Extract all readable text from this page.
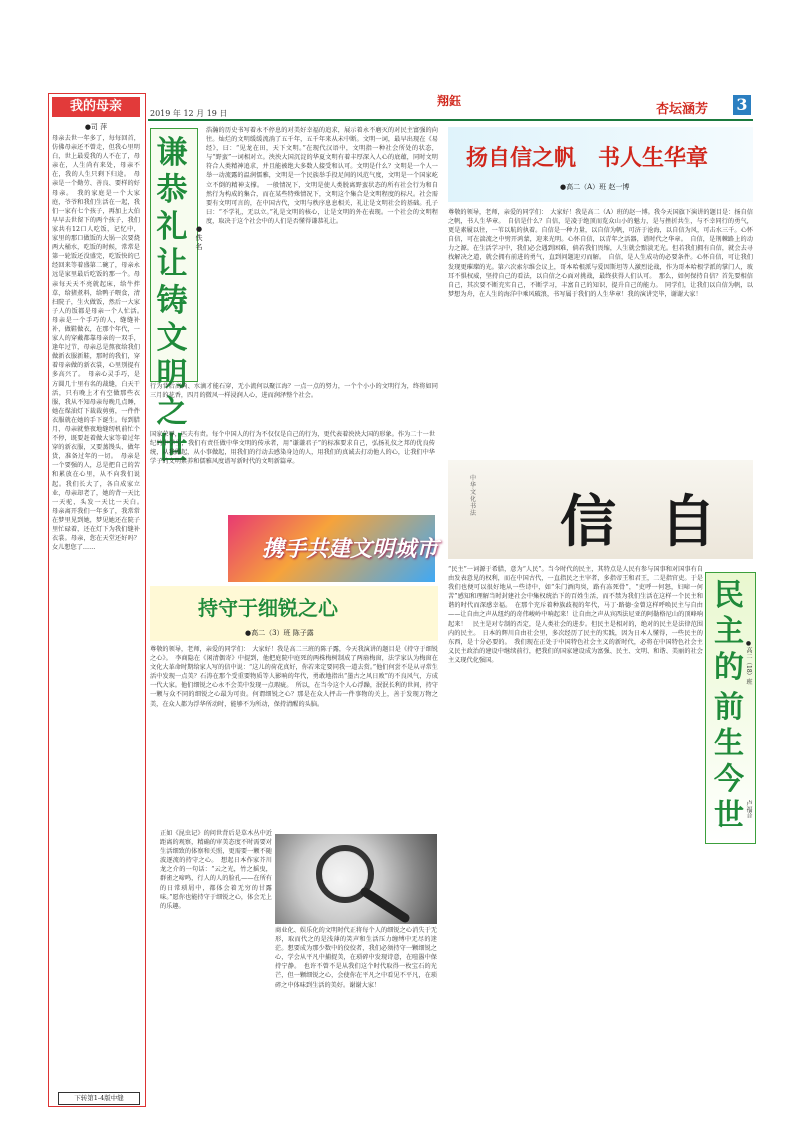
2019 年 12 月 19 日
翔鈺
杏坛涵芳 3
我的母亲
●司 萍
母亲去世一年多了，每每回首，仿佛母亲还不曾走，但我心里明白，世上最爱我的人不在了，母亲在，人生尚有来处，母亲不在，我的人生只剩下归途。　母亲是一个勤劳、善良、要样的好母亲。　我的家庭是一个大家庭，爷爷和我们生活在一起，我们一家有七个孩子，再加上大伯早早去世留下的两个孩子，我们家共有12口人吃饭，记忆中，家里的那口做饭的大锅一次要烧两大桶水，吃饭的时候，常常是第一轮饭还没盛完，吃饭快的已经回来等着盛第二碗了，母亲永远是家里最后吃饭的那一个。母亲每天天不亮就起床，给牛拌草，给猪煮料，给鸭子喂食，清扫院子，生火做饭，然后一大家子人的饭都是母亲一个人忙活。　母亲是一个手巧的人，缝缝补补，做鞋做衣，在那个年代，一家人的穿戴都靠母亲的一双手，逢年过节，母亲总是熬夜给我们做新衣服新鞋，那时的我们，穿着母亲做的新衣裳，心里别提有多高兴了。　母亲心灵手巧，是方圆几十里有名的裁缝，白天干活，只有晚上才有空做那些衣服，我从不知母亲每晚几点睡，她在煤油灯下裁裁剪剪，一件件衣服就在她的手下诞生。每到腊月，母亲就整夜地缝纫机前忙个不停，既要赶着做大家等着过年穿的新衣服，又要蒸馒头、做年货，准备过年的一切。　母亲是一个要强的人，总是把自己的苦和累放在心里，从不向我们说起。我们长大了，各自成家立业，母亲却老了，她的背一天比一天驼，头发一天比一天白。　母亲离开我们一年多了，我常常在梦里见到她，梦见她还在院子里忙碌着，还在灯下为我们缝补衣裳。母亲，您在天堂还好吗？女儿想您了……
下转第1-4版中缝
谦恭礼让铸文明之世
●佚名
浩瀚的历史书写着永不停息的对美好幸福的追求，展示着永不磨灭的对民主富强的向往。灿烂的文明缓缓流淌了五千年，五千年来从未中断。文明一词，最早出现在《易经》，曰：“见龙在田，天下文明。”在现代汉语中，文明指一种社会所处的状态，与“野蛮”一词相对立。泱泱大国沉淀的华夏文明有着丰厚深入人心的底蕴，同时文明符合人类精神追求，并且能被绝大多数人接受和认可。文明是什么？文明是一个人一举一动流露的温润儒雅，文明是一个民族举手投足间的风范气度，文明是一个国家屹立不倒的精神支撑。　一般情况下，文明是使人类脱离野蛮状态的所有社会行为和自然行为构成的集合，而在某些特殊情况下，文明这个集合是文明程度的标尺。社会需要有文明可言的，在中国古代，文明与秩序息息相关，礼让是文明社会的基础。孔子曰：“不学礼，无以立。”礼是文明的核心，让是文明的外在表现。一个社会的文明程度，取决于这个社会中的人们是否懂得谦恭礼让。
行为背后高尚、水滴才能石穿，无小流何以聚江海？一点一点的努力，一个个小小的文明行为，终将如同三月的花香，四月的微风一样浸润人心，进而润泽整个社会。
国家荣辱，匹夫有责。每个中国人的行为不仅仅是自己的行为，更代表着泱泱大国的形象。作为二十一世纪的中学生，我们有责任做中华文明的传承者，用“谦谦君子”的标准要求自己，弘扬礼仪之邦的优良传统，从我做起，从小事做起，用我们的行动去感染身边的人，用我们的真诚去打动他人的心，让我们中华学子的文明素养和儒雅风度谱写新时代的文明新篇章。
携手共建文明城市
持守于细锐之心
●高二（3）班 陈子露
尊敬的领导，老师，亲爱的同学们：　大家好！我是高二三班的陈子露，今天我演讲的题目是《持守于细锐之心》。　李商隐在《闲清偶寄》中提到，他把庭院中庭死的两株梅树制成了两扇梅窗，法学家认为梅窗在文化大革命时期给家人写的信中说：“这儿的荷花真好，你若来定要同我一道去赏。”他们何尝不是从寻常生活中发现一点美？石涛在那个受重要物质等人影响的年代，勇敢地指出“墨古之风日败”的不良风气，方成一代大家。他们细锐之心永不会美中发现一点瑕疵。　所以，在当今这个人心浮躁，泯泯长利的世间，持守一颗与众不同的细锐之心最为可贵。何谓细锐之心？那是在众人抨击一件事物的关上，善于发现万物之美，在众人都为浮华所动时，能够不为所动，保持清醒的头脑。
正如《昆虫记》的问世背后是草木丛中近距离的观察，精确的审美态度不时需要对生活细致的体察和关照，更需要一颗不随波逐流的持守之心。　想起日本作家芥川龙之介的一句话：“云之光，竹之摇曳，群雀之啼鸣，行人的人的脸孔——在所有的日常琐屑中，都体会着无穷的甘露味。”愿你也能持守于细锐之心，体会无上的乐趣。
商业化、娱乐化的文明时代正将每个人的细锐之心消失于无形，取而代之的是浅薄的笑声和生活压力缠缚中无尽的迷茫。想要成为那少数中的佼佼者，我们必须持守一颗细锐之心，学会从平凡中捕捉美，在琐碎中发现诗意，在喧嚣中保持宁静。　也许不曾不是从我们这个时代取得一枚宝石的光芒，但一颗细锐之心，会使你在平凡之中看见不平凡，在琐碎之中体味到生活的美好。谢谢大家！
扬自信之帆　书人生华章
●高二（A）班 赵一博
尊敬的领导，老师，亲爱的同学们：　大家好！我是高二（A）班的赵一博。我今天国旗下演讲的题目是：扬自信之帆，书人生华章。　自信是什么？自信，是凌于绝顶而览众山小的魅力，是与挫折共生，与不幸同行的勇气，更是素履以往，一苇以航的执着。自信是一种力量，以自信为帆，可济于沧海，以自信为风，可击水三千。心怀自信，可在湍流之中劈开鸿蒙，迎来光明。心怀自信，以青年之活器，谱时代之华章。　自信，是荆棘路上的动力之源。在生活学习中，我们必会遇到困难，倘若我们畏缩，人生就会黯淡无光。但若我们拥有自信，就会去寻找解决之道，就会拥有前进的勇气，直到问题迎刃而解。　自信，是人生成功的必要条件。心怀自信，可让我们发现更璀璨的光。第六次索尔维会议上，哥本哈根派与爱因斯坦等人激烈论战，作为哥本哈根学派的掌门人，玻耳不惧权威，坚持自己的看法，以自信之心面对挑战，最终获得人们认可。　那么，如何保持自信？首先要相信自己，其次要不断充实自己，不断学习，丰富自己的知识，提升自己的能力。　同学们，让我们以自信为帆，以梦想为舟，在人生的海洋中乘风破浪，书写属于我们的人生华章！我的演讲完毕，谢谢大家！
中华文化 书法 信 自
“民主”一词源于希腊，意为“人民”。当今时代的民主，其特点是人民有参与国事和对国事有自由发表意见的权利，而在中国古代，一直指民之主宰者，多指帝王和君王，二是指官吏。于是我们也便可以很好地从一些诗中，如“朱门酒肉臭，路有冻死骨”，“吏呼一何怒，妇啼一何苦”感知和理解当时封建社会中集权统治下的百姓生活，而不禁为我们生活在这样一个民主和谐的时代而深感幸福。　在那个充斥着种族歧视的年代，马丁·路德·金曾这样呼唤民主与自由——让自由之声从纽约的奇伟峻岭中响起来！让自由之声从宾西法尼亚的阿勒格尼山的顶峰响起来！　民主是对专制的否定，是人类社会的进步。但民主是相对的，绝对的民主是法律范围内的民主。　日本的辉川自由社会里，多次经历了民主的实践，因为日本人懂得，一些民主的东西，是十分必要的。　我们现在正处于中国特色社会主义的新时代，必将在中国特色社会主义民主政治的建设中继续前行，把我们的国家建设成为富强、民主、文明、和谐、美丽的社会主义现代化强国。
民主的
前生今世
●高二（18）班
卢福音
